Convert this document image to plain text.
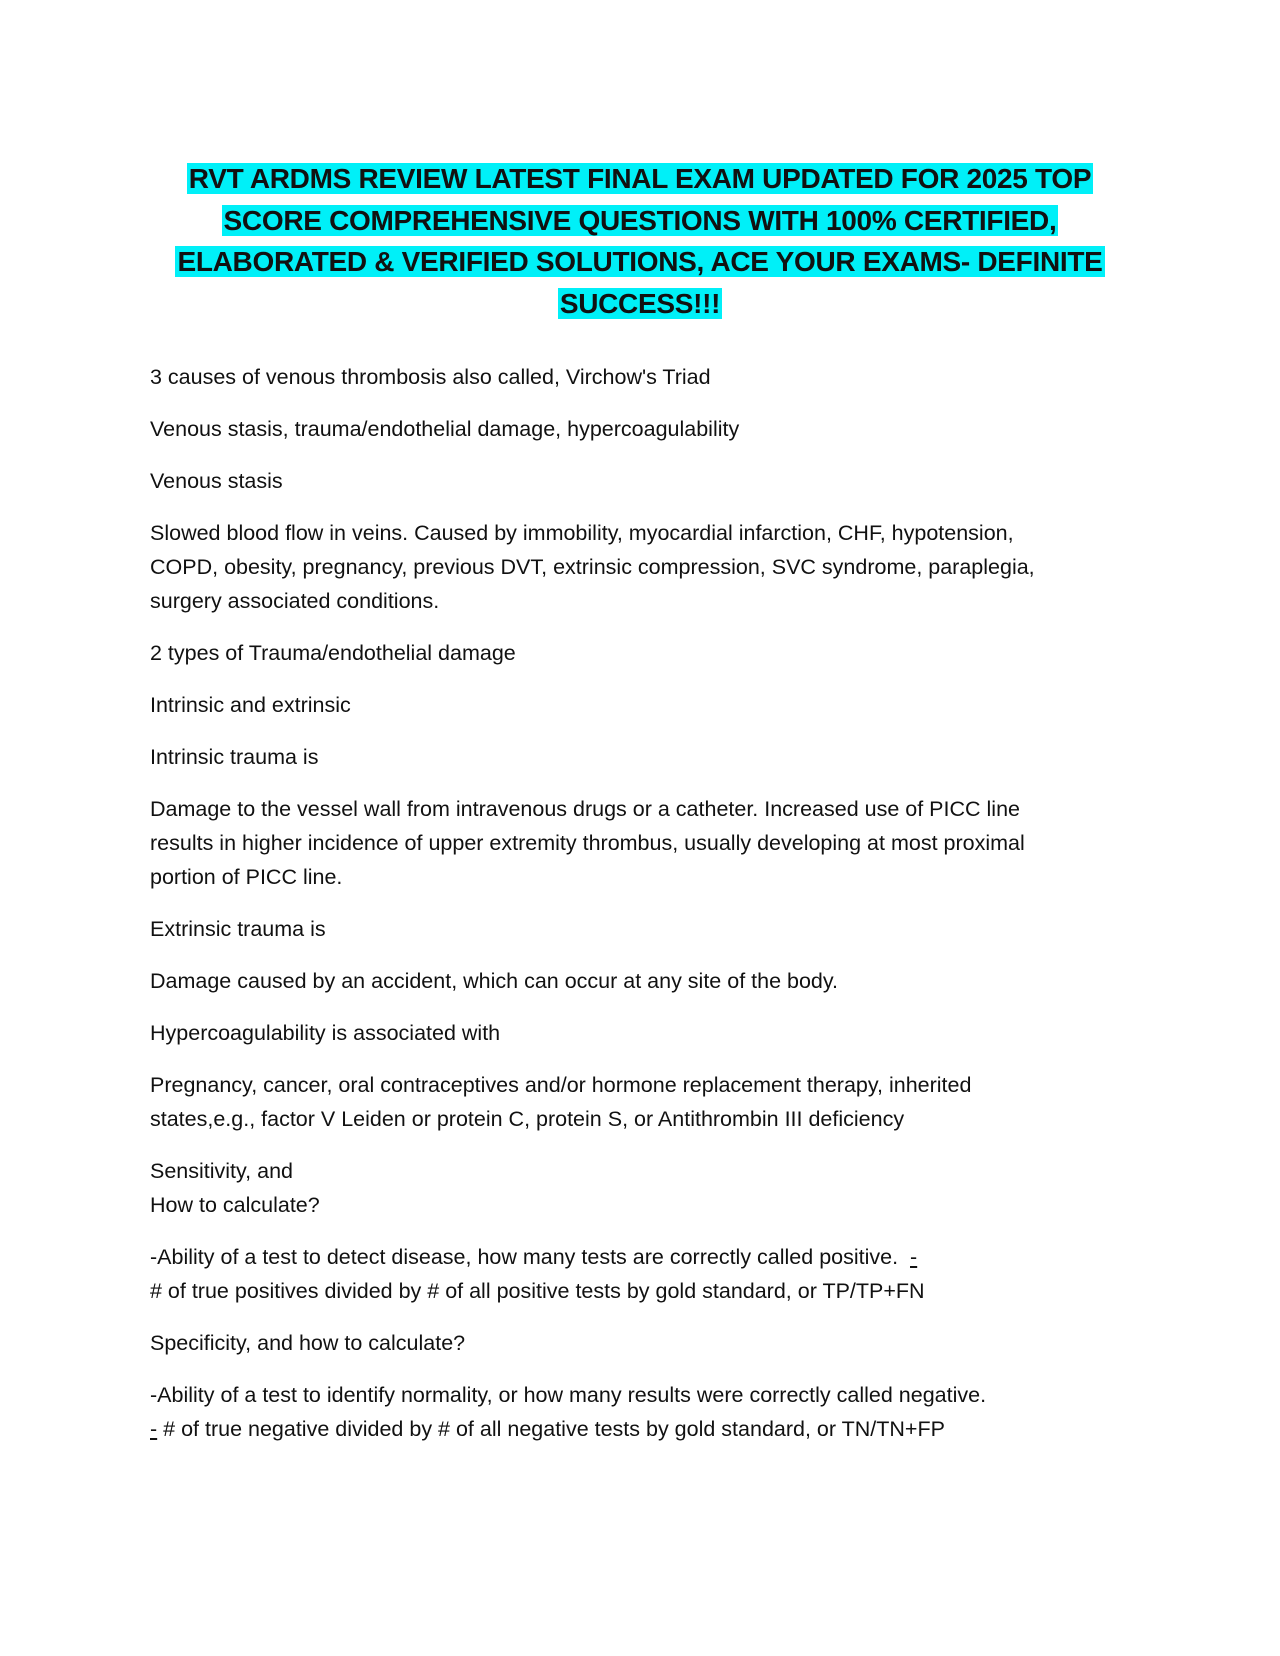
RVT ARDMS REVIEW LATEST FINAL EXAM UPDATED FOR 2025 TOP
SCORE COMPREHENSIVE QUESTIONS WITH 100% CERTIFIED,
ELABORATED & VERIFIED SOLUTIONS, ACE YOUR EXAMS- DEFINITE
SUCCESS!!!

3 causes of venous thrombosis also called, Virchow's Triad

Venous stasis, trauma/endothelial damage, hypercoagulability

Venous stasis

Slowed blood flow in veins. Caused by immobility, myocardial infarction, CHF, hypotension,
COPD, obesity, pregnancy, previous DVT, extrinsic compression, SVC syndrome, paraplegia,
surgery associated conditions.

2 types of Trauma/endothelial damage

Intrinsic and extrinsic

Intrinsic trauma is

Damage to the vessel wall from intravenous drugs or a catheter. Increased use of PICC line
results in higher incidence of upper extremity thrombus, usually developing at most proximal
portion of PICC line.

Extrinsic trauma is

Damage caused by an accident, which can occur at any site of the body.

Hypercoagulability is associated with

Pregnancy, cancer, oral contraceptives and/or hormone replacement therapy, inherited
states,e.g., factor V Leiden or protein C, protein S, or Antithrombin III deficiency

Sensitivity, and
How to calculate?

-Ability of a test to detect disease, how many tests are correctly called positive. -
# of true positives divided by # of all positive tests by gold standard, or TP/TP+FN

Specificity, and how to calculate?

-Ability of a test to identify normality, or how many results were correctly called negative.
- # of true negative divided by # of all negative tests by gold standard, or TN/TN+FP
